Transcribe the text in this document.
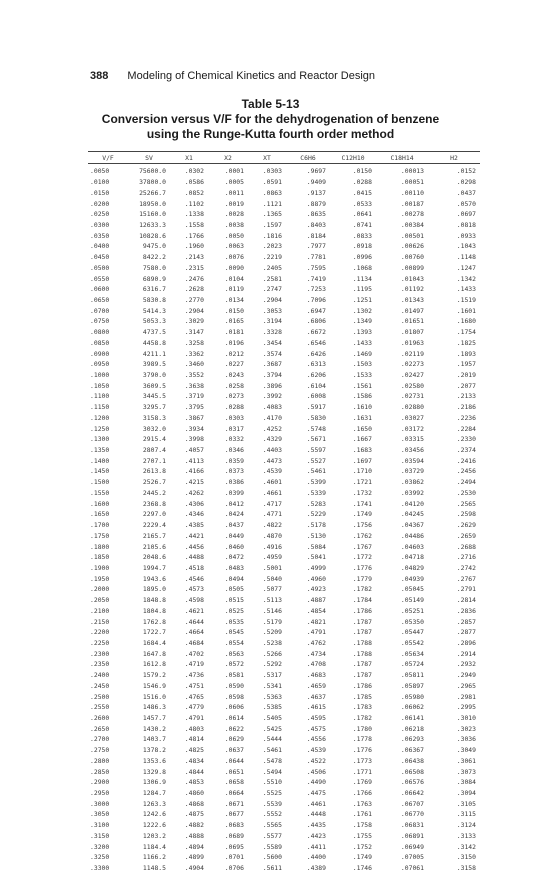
388 Modeling of Chemical Kinetics and Reactor Design
Table 5-13
Conversion versus V/F for the dehydrogenation of benzene
using the Runge-Kutta fourth order method
V/F	SV	X1	X2	XT	C6H6	C12H10	C18H14	H2
.0050	75600.0	.0302	.0001	.0303	.9697	.0150	.00013	.0152
.0100	37800.0	.0586	.0005	.0591	.9409	.0288	.00051	.0298
.0150	25266.7	.0852	.0011	.0863	.9137	.0415	.00110	.0437
.0200	18950.0	.1102	.0019	.1121	.8879	.0533	.00187	.0570
.0250	15160.0	.1338	.0028	.1365	.8635	.0641	.00278	.0697
.0300	12633.3	.1558	.0038	.1597	.8403	.0741	.00384	.0818
.0350	10828.6	.1766	.0050	.1816	.8184	.0833	.00501	.0933
.0400	9475.0	.1960	.0063	.2023	.7977	.0918	.00626	.1043
.0450	8422.2	.2143	.0076	.2219	.7781	.0996	.00760	.1148
.0500	7580.0	.2315	.0090	.2405	.7595	.1068	.00899	.1247
.0550	6890.9	.2476	.0104	.2581	.7419	.1134	.01043	.1342
.0600	6316.7	.2628	.0119	.2747	.7253	.1195	.01192	.1433
.0650	5830.8	.2770	.0134	.2904	.7096	.1251	.01343	.1519
.0700	5414.3	.2904	.0150	.3053	.6947	.1302	.01497	.1601
.0750	5053.3	.3029	.0165	.3194	.6806	.1349	.01651	.1680
.0800	4737.5	.3147	.0181	.3328	.6672	.1393	.01807	.1754
.0850	4458.8	.3258	.0196	.3454	.6546	.1433	.01963	.1825
.0900	4211.1	.3362	.0212	.3574	.6426	.1469	.02119	.1893
.0950	3989.5	.3460	.0227	.3687	.6313	.1503	.02273	.1957
.1000	3790.0	.3552	.0243	.3794	.6206	.1533	.02427	.2019
.1050	3609.5	.3638	.0258	.3896	.6104	.1561	.02580	.2077
.1100	3445.5	.3719	.0273	.3992	.6008	.1586	.02731	.2133
.1150	3295.7	.3795	.0288	.4083	.5917	.1610	.02880	.2186
.1200	3158.3	.3867	.0303	.4170	.5830	.1631	.03027	.2236
.1250	3032.0	.3934	.0317	.4252	.5748	.1650	.03172	.2284
.1300	2915.4	.3998	.0332	.4329	.5671	.1667	.03315	.2330
.1350	2807.4	.4057	.0346	.4403	.5597	.1683	.03456	.2374
.1400	2707.1	.4113	.0359	.4473	.5527	.1697	.03594	.2416
.1450	2613.8	.4166	.0373	.4539	.5461	.1710	.03729	.2456
.1500	2526.7	.4215	.0386	.4601	.5399	.1721	.03862	.2494
.1550	2445.2	.4262	.0399	.4661	.5339	.1732	.03992	.2530
.1600	2368.8	.4306	.0412	.4717	.5283	.1741	.04120	.2565
.1650	2297.0	.4346	.0424	.4771	.5229	.1749	.04245	.2598
.1700	2229.4	.4385	.0437	.4822	.5178	.1756	.04367	.2629
.1750	2165.7	.4421	.0449	.4870	.5130	.1762	.04486	.2659
.1800	2105.6	.4456	.0460	.4916	.5084	.1767	.04603	.2688
.1850	2048.6	.4488	.0472	.4959	.5041	.1772	.04718	.2716
.1900	1994.7	.4518	.0483	.5001	.4999	.1776	.04829	.2742
.1950	1943.6	.4546	.0494	.5040	.4960	.1779	.04939	.2767
.2000	1895.0	.4573	.0505	.5077	.4923	.1782	.05045	.2791
.2050	1848.8	.4598	.0515	.5113	.4887	.1784	.05149	.2814
.2100	1804.8	.4621	.0525	.5146	.4854	.1786	.05251	.2836
.2150	1762.8	.4644	.0535	.5179	.4821	.1787	.05350	.2857
.2200	1722.7	.4664	.0545	.5209	.4791	.1787	.05447	.2877
.2250	1684.4	.4684	.0554	.5238	.4762	.1788	.05542	.2896
.2300	1647.8	.4702	.0563	.5266	.4734	.1788	.05634	.2914
.2350	1612.8	.4719	.0572	.5292	.4708	.1787	.05724	.2932
.2400	1579.2	.4736	.0581	.5317	.4683	.1787	.05811	.2949
.2450	1546.9	.4751	.0590	.5341	.4659	.1786	.05897	.2965
.2500	1516.0	.4765	.0598	.5363	.4637	.1785	.05980	.2981
.2550	1486.3	.4779	.0606	.5385	.4615	.1783	.06062	.2995
.2600	1457.7	.4791	.0614	.5405	.4595	.1782	.06141	.3010
.2650	1430.2	.4803	.0622	.5425	.4575	.1780	.06218	.3023
.2700	1403.7	.4814	.0629	.5444	.4556	.1778	.06293	.3036
.2750	1378.2	.4825	.0637	.5461	.4539	.1776	.06367	.3049
.2800	1353.6	.4834	.0644	.5478	.4522	.1773	.06438	.3061
.2850	1329.8	.4844	.0651	.5494	.4506	.1771	.06508	.3073
.2900	1306.9	.4853	.0658	.5510	.4490	.1769	.06576	.3084
.2950	1284.7	.4860	.0664	.5525	.4475	.1766	.06642	.3094
.3000	1263.3	.4868	.0671	.5539	.4461	.1763	.06707	.3105
.3050	1242.6	.4875	.0677	.5552	.4448	.1761	.06770	.3115
.3100	1222.6	.4882	.0683	.5565	.4435	.1758	.06831	.3124
.3150	1203.2	.4888	.0689	.5577	.4423	.1755	.06891	.3133
.3200	1184.4	.4894	.0695	.5589	.4411	.1752	.06949	.3142
.3250	1166.2	.4899	.0701	.5600	.4400	.1749	.07005	.3150
.3300	1148.5	.4904	.0706	.5611	.4389	.1746	.07061	.3158
